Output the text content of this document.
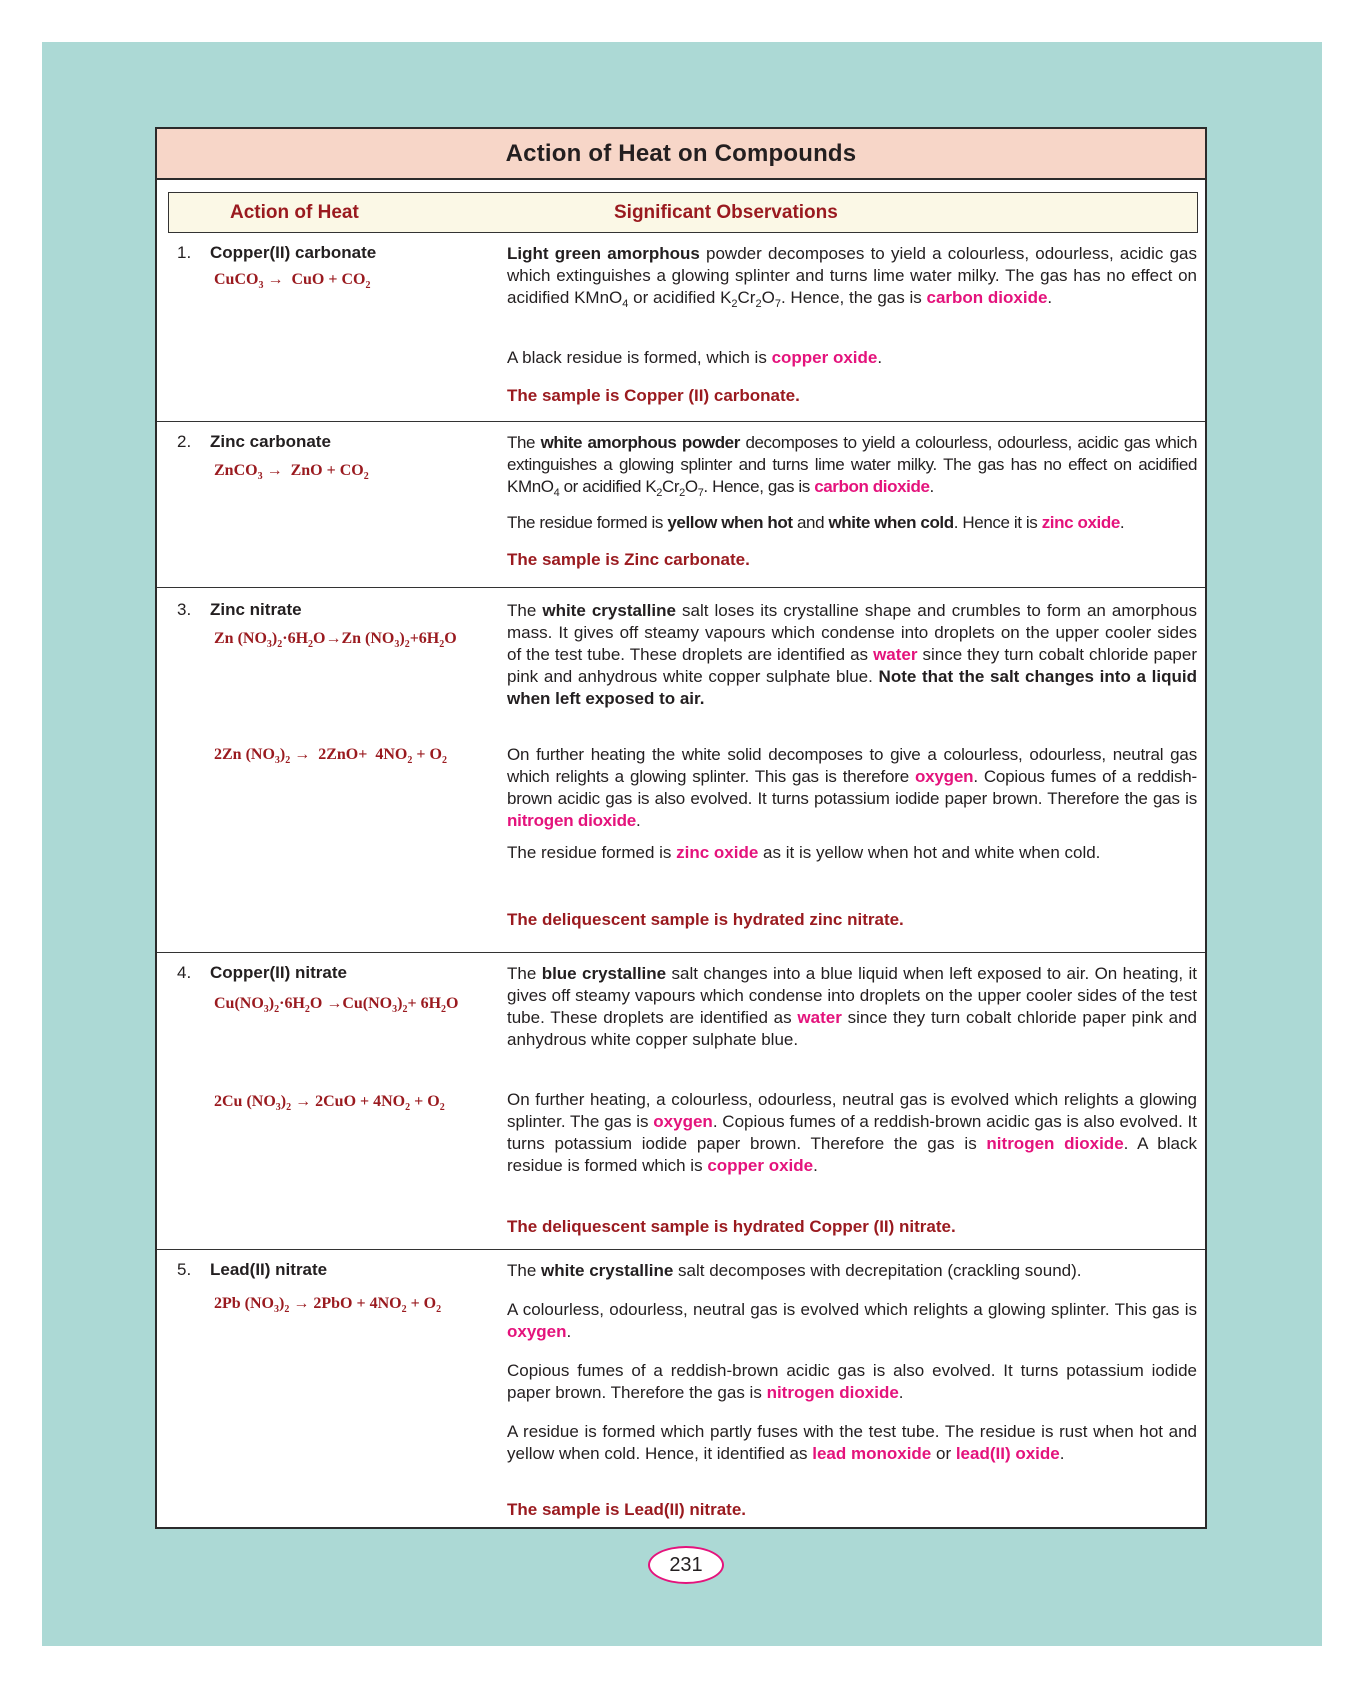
Action of Heat on Compounds
Action of Heat	Significant Observations
1. Copper(II) carbonate
CuCO$_3$ →  CuO + $CO_2$
Light green amorphous powder decomposes to yield a colourless, odourless, acidic gas which extinguishes a glowing splinter and turns lime water milky. The gas has no effect on acidified KMnO$_4$ or acidified $K_2Cr_2O_7$. Hence, the gas is carbon dioxide.
A black residue is formed, which is copper oxide.
The sample is Copper (II) carbonate.
2. Zinc carbonate
ZnCO$_3$ →  ZnO + $CO_2$
The white amorphous powder decomposes to yield a colourless, odourless, acidic gas which extinguishes a glowing splinter and turns lime water milky. The gas has no effect on acidified KMnO$_4$ or acidified $K_2Cr_2O_7$. Hence, gas is carbon dioxide.
The residue formed is yellow when hot and white when cold. Hence it is zinc oxide.
The sample is Zinc carbonate.
3. Zinc nitrate
Zn $(NO_3)_2\cdot 6H_2O\to Zn$ $(NO_3)_2+6H_2O$
2Zn $(NO_3)_2 \to 2ZnO+ 4NO_2 + O_2$
The white crystalline salt loses its crystalline shape and crumbles to form an amorphous mass. It gives off steamy vapours which condense into droplets on the upper cooler sides of the test tube. These droplets are identified as water since they turn cobalt chloride paper pink and anhydrous white copper sulphate blue. Note that the salt changes into a liquid when left exposed to air.
On further heating the white solid decomposes to give a colourless, odourless, neutral gas which relights a glowing splinter. This gas is therefore oxygen. Copious fumes of a reddish-brown acidic gas is also evolved. It turns potassium iodide paper brown. Therefore the gas is nitrogen dioxide.
The residue formed is zinc oxide as it is yellow when hot and white when cold.
The deliquescent sample is hydrated zinc nitrate.
4. Copper(II) nitrate
$Cu(NO_3)_2\cdot 6H_2O \to Cu(NO_3)_2+ 6H_2O$
2Cu $(NO_3)_2 \to 2CuO + 4NO_2 + O_2$
The blue crystalline salt changes into a blue liquid when left exposed to air. On heating, it gives off steamy vapours which condense into droplets on the upper cooler sides of the test tube. These droplets are identified as water since they turn cobalt chloride paper pink and anhydrous white copper sulphate blue.
On further heating, a colourless, odourless, neutral gas is evolved which relights a glowing splinter. The gas is oxygen. Copious fumes of a reddish-brown acidic gas is also evolved. It turns potassium iodide paper brown. Therefore the gas is nitrogen dioxide. A black residue is formed which is copper oxide.
The deliquescent sample is hydrated Copper (II) nitrate.
5. Lead(II) nitrate
2Pb $(NO_3)_2 \to 2PbO + 4NO_2 + O_2$
The white crystalline salt decomposes with decrepitation (crackling sound).
A colourless, odourless, neutral gas is evolved which relights a glowing splinter. This gas is oxygen.
Copious fumes of a reddish-brown acidic gas is also evolved. It turns potassium iodide paper brown. Therefore the gas is nitrogen dioxide.
A residue is formed which partly fuses with the test tube. The residue is rust when hot and yellow when cold. Hence, it identified as lead monoxide or lead(II) oxide.
The sample is Lead(II) nitrate.
231
